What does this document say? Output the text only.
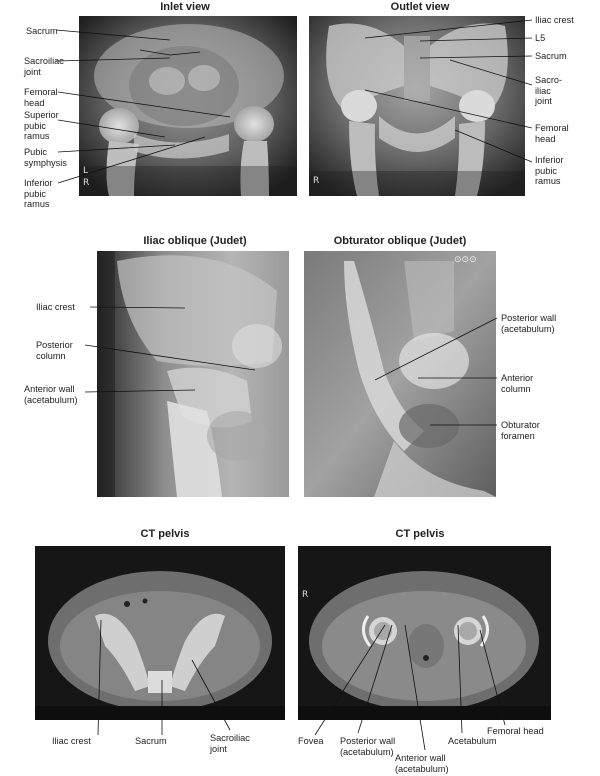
Inlet view	Outlet view
Iliac oblique (Judet)	Obturator oblique (Judet)
CT pelvis	CT pelvis
L
R	R
⊙⊙⊙
R
Sacrum
Sacroiliac
joint
Femoral
head
Superior
pubic
ramus
Pubic
symphysis
Inferior
pubic
ramus
Iliac crest
L5
Sacrum
Sacro-
iliac
joint
Femoral
head
Inferior
pubic
ramus
Iliac crest
Posterior
column
Anterior wall
(acetabulum)
Posterior wall
(acetabulum)
Anterior
column
Obturator
foramen
Iliac crest	Sacrum	Sacroiliac
joint
Fovea Posterior wall
(acetabulum)
Anterior wall
(acetabulum)
Acetabulum
Femoral head
